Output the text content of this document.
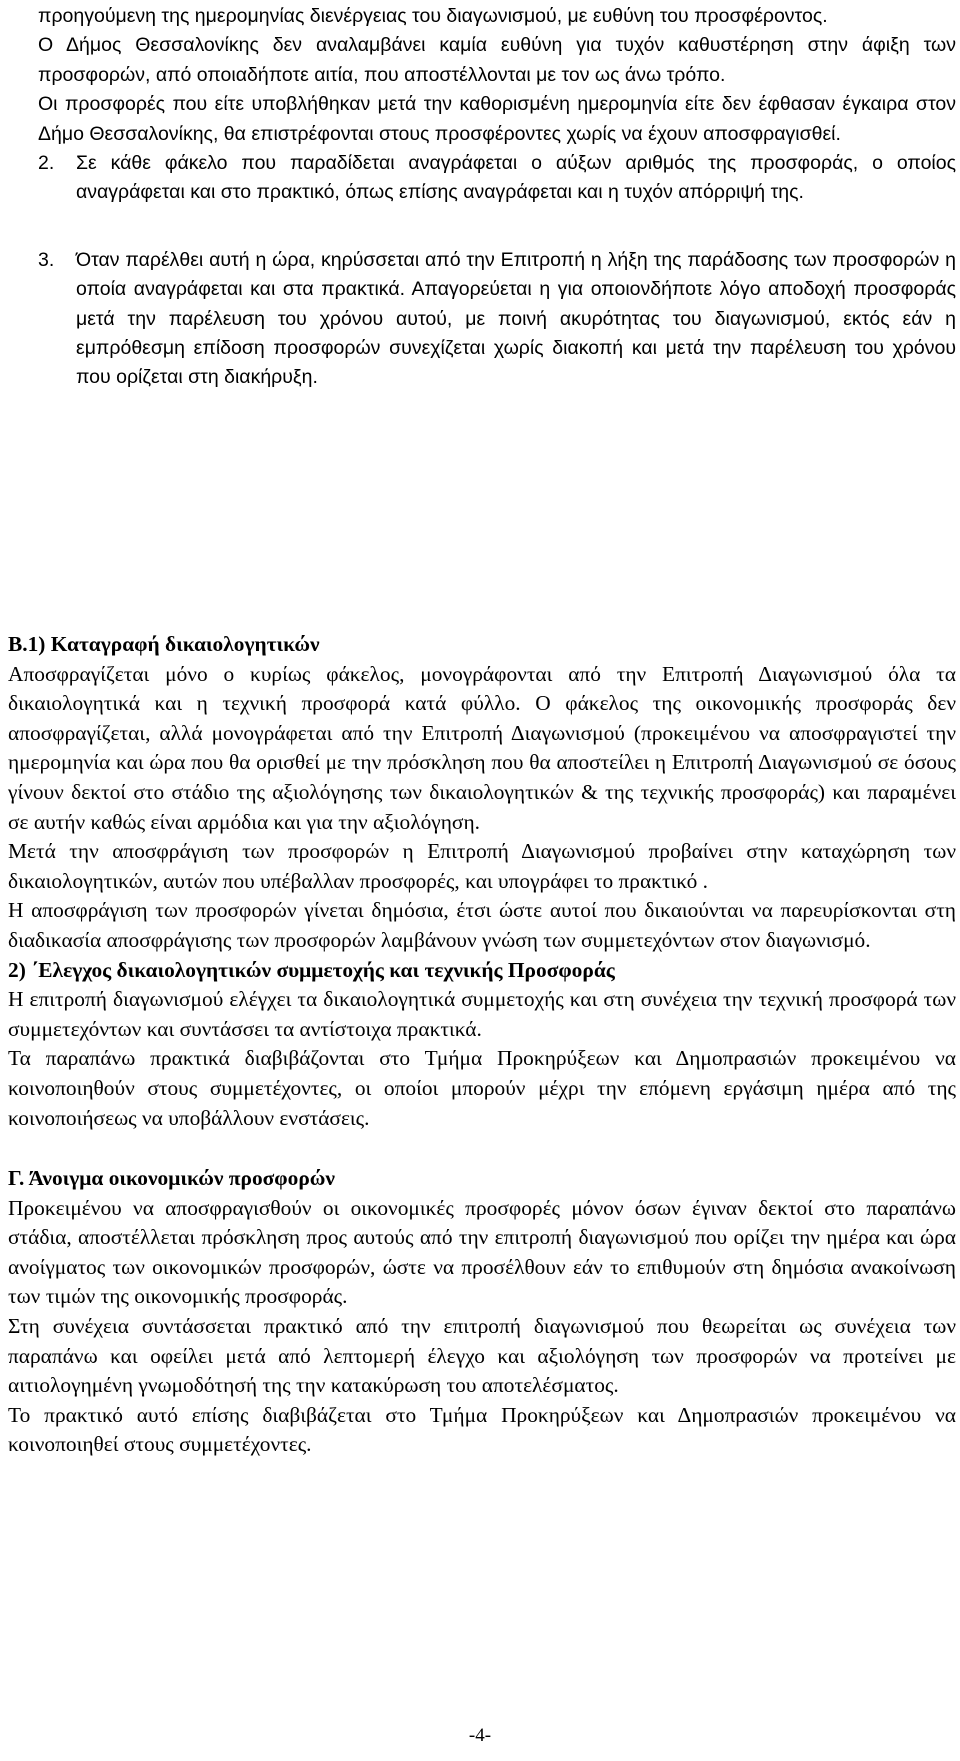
προηγούμενη της ημερομηνίας διενέργειας του διαγωνισμού, με ευθύνη του προσφέροντος.

Ο Δήμος Θεσσαλονίκης δεν αναλαμβάνει καμία ευθύνη για τυχόν καθυστέρηση στην άφιξη των προσφορών, από οποιαδήποτε αιτία, που αποστέλλονται με τον ως άνω τρόπο.

Οι προσφορές που είτε υποβλήθηκαν μετά την καθορισμένη ημερομηνία είτε δεν έφθασαν έγκαιρα στον Δήμο Θεσσαλονίκης, θα επιστρέφονται στους προσφέροντες χωρίς να έχουν αποσφραγισθεί.

2. Σε κάθε φάκελο που παραδίδεται αναγράφεται ο αύξων αριθμός της προσφοράς, ο οποίος αναγράφεται και στο πρακτικό, όπως επίσης αναγράφεται και η τυχόν απόρριψή της.

3. Όταν παρέλθει αυτή η ώρα, κηρύσσεται από την Επιτροπή η λήξη της παράδοσης των προσφορών η οποία αναγράφεται και στα πρακτικά. Απαγορεύεται η για οποιονδήποτε λόγο αποδοχή προσφοράς μετά την παρέλευση του χρόνου αυτού, με ποινή ακυρότητας του διαγωνισμού, εκτός εάν η εμπρόθεσμη επίδοση προσφορών συνεχίζεται χωρίς διακοπή και μετά την παρέλευση του χρόνου που ορίζεται στη διακήρυξη.

Β.1) Καταγραφή δικαιολογητικών

Αποσφραγίζεται μόνο ο κυρίως φάκελος, μονογράφονται από την Επιτροπή Διαγωνισμού όλα τα δικαιολογητικά και η τεχνική προσφορά κατά φύλλο. Ο φάκελος της οικονομικής προσφοράς δεν αποσφραγίζεται, αλλά μονογράφεται από την Επιτροπή Διαγωνισμού (προκειμένου να αποσφραγιστεί την ημερομηνία και ώρα που θα ορισθεί με την πρόσκληση που θα αποστείλει η Επιτροπή Διαγωνισμού σε όσους γίνουν δεκτοί στο στάδιο της αξιολόγησης των δικαιολογητικών & της τεχνικής προσφοράς) και παραμένει σε αυτήν καθώς είναι αρμόδια και για την αξιολόγηση.

Μετά την αποσφράγιση των προσφορών η Επιτροπή Διαγωνισμού προβαίνει στην καταχώρηση των δικαιολογητικών, αυτών που υπέβαλλαν προσφορές, και υπογράφει το πρακτικό .

Η αποσφράγιση των προσφορών γίνεται δημόσια, έτσι ώστε αυτοί που δικαιούνται να παρευρίσκονται στη διαδικασία αποσφράγισης των προσφορών λαμβάνουν γνώση των συμμετεχόντων στον διαγωνισμό.

2) ΄Ελεγχος δικαιολογητικών συμμετοχής και τεχνικής Προσφοράς

Η επιτροπή διαγωνισμού ελέγχει τα δικαιολογητικά συμμετοχής και στη συνέχεια την τεχνική προσφορά των συμμετεχόντων και συντάσσει τα αντίστοιχα πρακτικά.

Τα παραπάνω πρακτικά διαβιβάζονται στο Τμήμα Προκηρύξεων και Δημοπρασιών προκειμένου να κοινοποιηθούν στους συμμετέχοντες, οι οποίοι μπορούν μέχρι την επόμενη εργάσιμη ημέρα από της κοινοποιήσεως να υποβάλλουν ενστάσεις.

Γ. Άνοιγμα οικονομικών προσφορών

Προκειμένου να αποσφραγισθούν οι οικονομικές προσφορές μόνον όσων έγιναν δεκτοί στο παραπάνω στάδια, αποστέλλεται πρόσκληση προς αυτούς από την επιτροπή διαγωνισμού που ορίζει την ημέρα και ώρα ανοίγματος των οικονομικών προσφορών, ώστε να προσέλθουν εάν το επιθυμούν στη δημόσια ανακοίνωση των τιμών της οικονομικής προσφοράς.

Στη συνέχεια συντάσσεται πρακτικό από την επιτροπή διαγωνισμού που θεωρείται ως συνέχεια των παραπάνω και οφείλει μετά από λεπτομερή έλεγχο και αξιολόγηση των προσφορών να προτείνει με αιτιολογημένη γνωμοδότησή της την κατακύρωση του αποτελέσματος.

Το πρακτικό αυτό επίσης διαβιβάζεται στο Τμήμα Προκηρύξεων και Δημοπρασιών προκειμένου να κοινοποιηθεί στους συμμετέχοντες.

-4-
